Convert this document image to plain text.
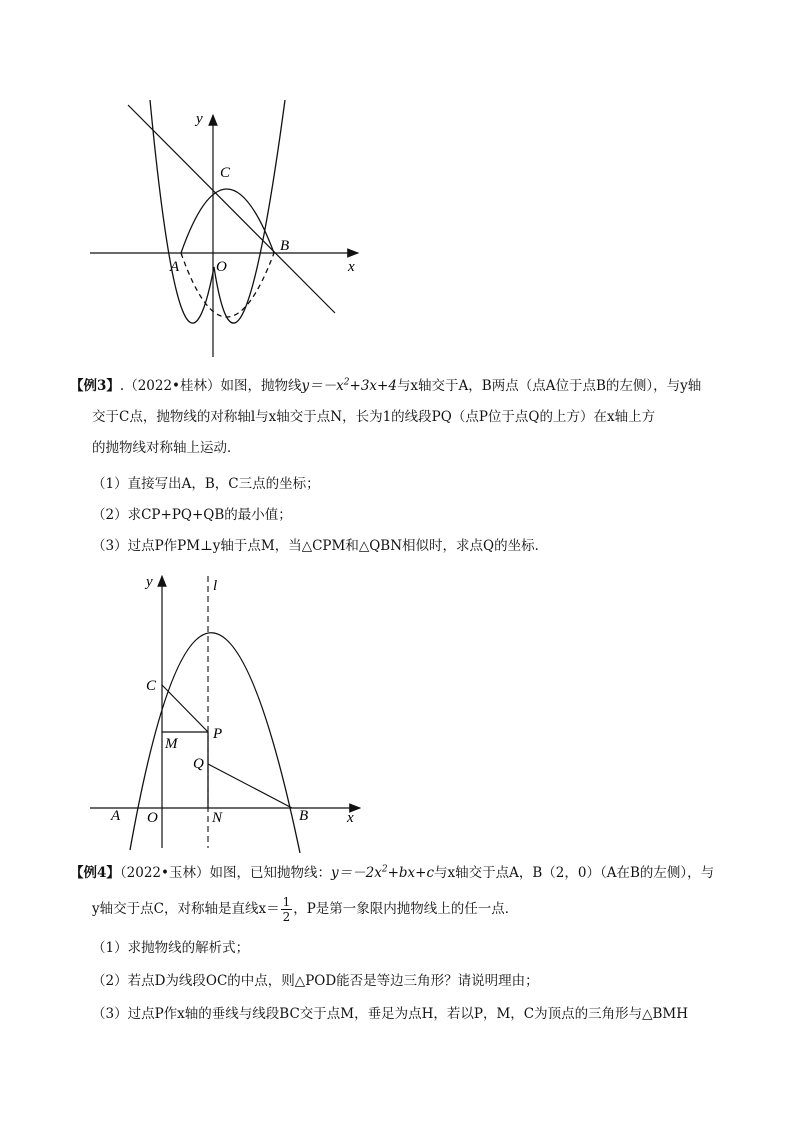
y
C
A O
B
x

【例3】.（2022•桂林）如图，抛物线$y=-x^2+3x+4$与x轴交于A，B两点（点A位于点B的左侧），与y轴

交于C点，抛物线的对称轴l与x轴交于点N，长为1的线段PQ（点P位于点Q的上方）在x轴上方

的抛物线对称轴上运动．

（1）直接写出A，B，C三点的坐标；
（2）求CP+PQ+QB的最小值；
（3）过点P作PM⊥y轴于点M，当△CPM和△QBN相似时，求点Q的坐标．
y	l
C
P
M
Q
A O	N	B	x

【例4】（2022•玉林）如图，已知抛物线：$y=-2x^2+bx+c$与x轴交于点A，B（2，0）（A在B的左侧），与

y轴交于点C，对称轴是直线$x= \frac{1}{2}$ ，P是第一象限内抛物线上的任一点．

（1）求抛物线的解析式；
（2）若点D为线段OC的中点，则△POD能否是等边三角形？请说明理由；
（3）过点P作x轴的垂线与线段BC交于点M，垂足为点H，若以P，M，C为顶点的三角形与△BMH
